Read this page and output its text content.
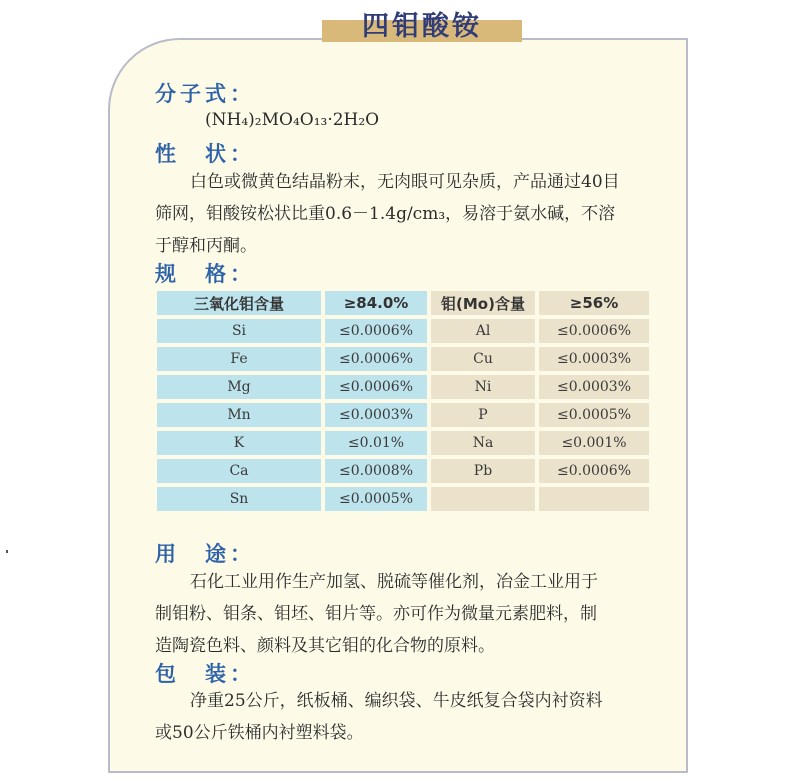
四钼酸铵
分子式：
(NH₄)₂MO₄O₁₃·2H₂O
性　状：
白色或微黄色结晶粉末，无肉眼可见杂质，产品通过40目
筛网，钼酸铵松状比重0.6－1.4g/cm₃，易溶于氨水碱，不溶
于醇和丙酮。
规　格：
三氧化钼含量	≥84.0%	钼(Mo)含量	≥56%
Si	≤0.0006%	Al	≤0.0006%
Fe	≤0.0006%	Cu	≤0.0003%
Mg	≤0.0006%	Ni	≤0.0003%
Mn	≤0.0003%	P	≤0.0005%
K	≤0.01%	Na	≤0.001%
Ca	≤0.0008%	Pb	≤0.0006%
Sn	≤0.0005%		
用　途：
石化工业用作生产加氢、脱硫等催化剂，冶金工业用于
制钼粉、钼条、钼坯、钼片等。亦可作为微量元素肥料，制
造陶瓷色料、颜料及其它钼的化合物的原料。
包　装：
净重25公斤，纸板桶、编织袋、牛皮纸复合袋内衬资料
或50公斤铁桶内衬塑料袋。
